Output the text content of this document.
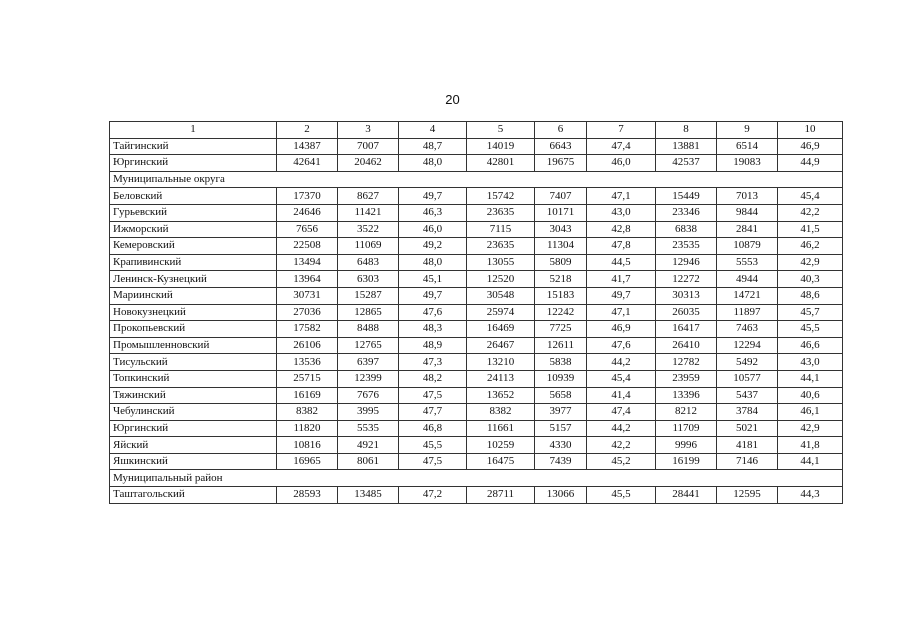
20
1	2	3	4	5	6	7	8	9	10
Тайгинский	14387	7007	48,7	14019	6643	47,4	13881	6514	46,9
Юргинский	42641	20462	48,0	42801	19675	46,0	42537	19083	44,9
Муниципальные округа									
Беловский	17370	8627	49,7	15742	7407	47,1	15449	7013	45,4
Гурьевский	24646	11421	46,3	23635	10171	43,0	23346	9844	42,2
Ижморский	7656	3522	46,0	7115	3043	42,8	6838	2841	41,5
Кемеровский	22508	11069	49,2	23635	11304	47,8	23535	10879	46,2
Крапивинский	13494	6483	48,0	13055	5809	44,5	12946	5553	42,9
Ленинск-Кузнецкий	13964	6303	45,1	12520	5218	41,7	12272	4944	40,3
Мариинский	30731	15287	49,7	30548	15183	49,7	30313	14721	48,6
Новокузнецкий	27036	12865	47,6	25974	12242	47,1	26035	11897	45,7
Прокопьевский	17582	8488	48,3	16469	7725	46,9	16417	7463	45,5
Промышленновский	26106	12765	48,9	26467	12611	47,6	26410	12294	46,6
Тисульский	13536	6397	47,3	13210	5838	44,2	12782	5492	43,0
Топкинский	25715	12399	48,2	24113	10939	45,4	23959	10577	44,1
Тяжинский	16169	7676	47,5	13652	5658	41,4	13396	5437	40,6
Чебулинский	8382	3995	47,7	8382	3977	47,4	8212	3784	46,1
Юргинский	11820	5535	46,8	11661	5157	44,2	11709	5021	42,9
Яйский	10816	4921	45,5	10259	4330	42,2	9996	4181	41,8
Яшкинский	16965	8061	47,5	16475	7439	45,2	16199	7146	44,1
Муниципальный район									
Таштагольский	28593	13485	47,2	28711	13066	45,5	28441	12595	44,3
